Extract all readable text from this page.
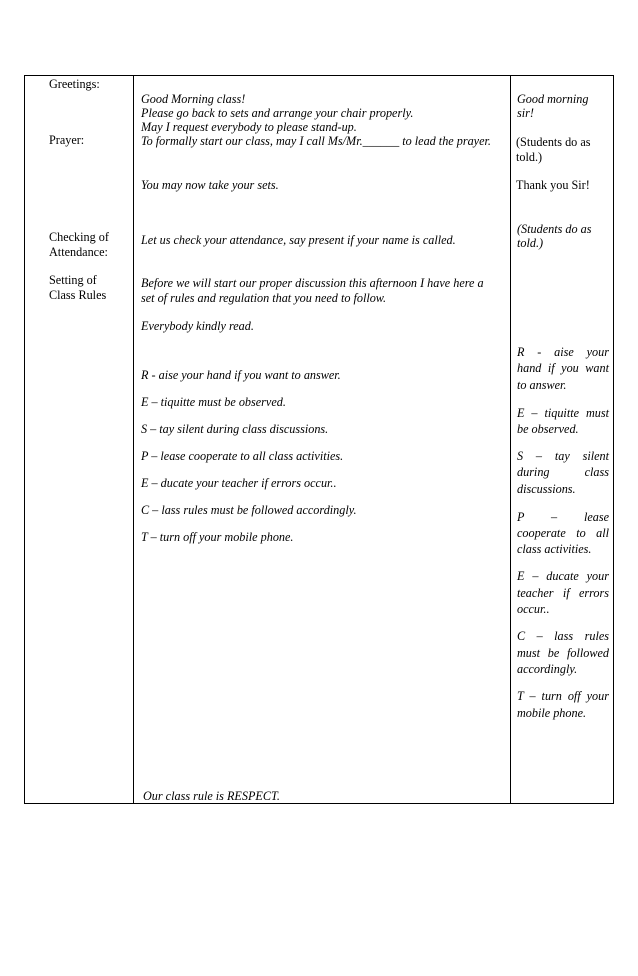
Greetings:
Prayer:
Checking of
Attendance:
Setting of
Class Rules
Good Morning class!
Please go back to sets and arrange your chair properly.
May I request everybody to please stand-up.
To formally start our class, may I call Ms/Mr.______ to lead the prayer.
You may now take your sets.
Let us check your attendance, say present if your name is called.
Before we will start our proper discussion this afternoon I have here a
set of rules and regulation that you need to follow.
Everybody kindly read.
R - aise your hand if you want to answer.
E – tiquitte must be observed.
S – tay silent during class discussions.
P – lease cooperate to all class activities.
E – ducate your teacher if errors occur..
C – lass rules must be followed accordingly.
T – turn off your mobile phone.
Our class rule is RESPECT.
Good morning
sir!
(Students do as
told.)
Thank you Sir!
(Students do as
told.)
R - aise your
hand if you want
to answer.
E – tiquitte must
be observed.
S – tay silent
during class
discussions.
P – lease
cooperate to all
class activities.
E – ducate your
teacher if errors
occur..
C – lass rules
must be followed
accordingly.
T – turn off your
mobile phone.
